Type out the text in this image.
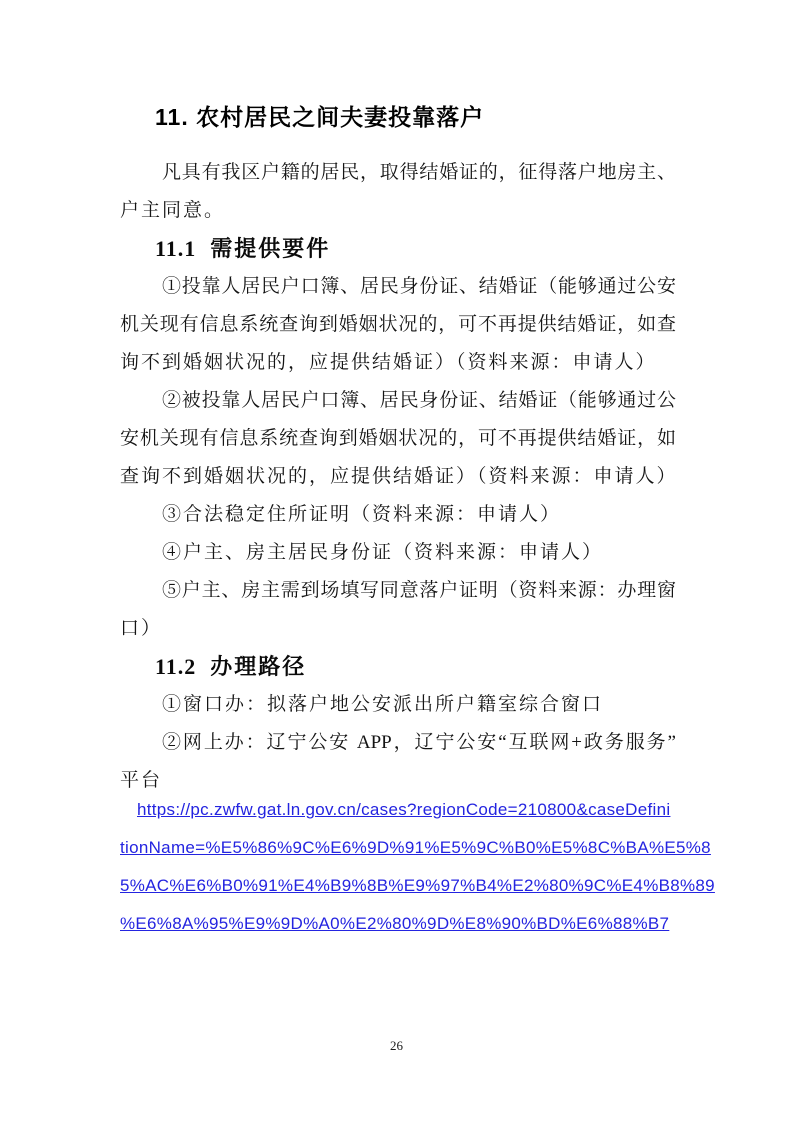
11. 农村居民之间夫妻投靠落户

凡具有我区户籍的居民，取得结婚证的，征得落户地房主、

户主同意。

11.1 需提供要件

①投靠人居民户口簿、居民身份证、结婚证（能够通过公安

机关现有信息系统查询到婚姻状况的，可不再提供结婚证，如查

询不到婚姻状况的，应提供结婚证）（资料来源：申请人）

②被投靠人居民户口簿、居民身份证、结婚证（能够通过公

安机关现有信息系统查询到婚姻状况的，可不再提供结婚证，如

查询不到婚姻状况的，应提供结婚证）（资料来源：申请人）

③合法稳定住所证明（资料来源：申请人）

④户主、房主居民身份证（资料来源：申请人）

⑤户主、房主需到场填写同意落户证明（资料来源：办理窗

口）

11.2 办理路径

①窗口办：拟落户地公安派出所户籍室综合窗口

②网上办：辽宁公安 APP，辽宁公安“互联网+政务服务”

平台

https://pc.zwfw.gat.ln.gov.cn/cases?regionCode=210800&caseDefini
tionName=%E5%86%9C%E6%9D%91%E5%9C%B0%E5%8C%BA%E5%8
5%AC%E6%B0%91%E4%B9%8B%E9%97%B4%E2%80%9C%E4%B8%89
%E6%8A%95%E9%9D%A0%E2%80%9D%E8%90%BD%E6%88%B7
26
